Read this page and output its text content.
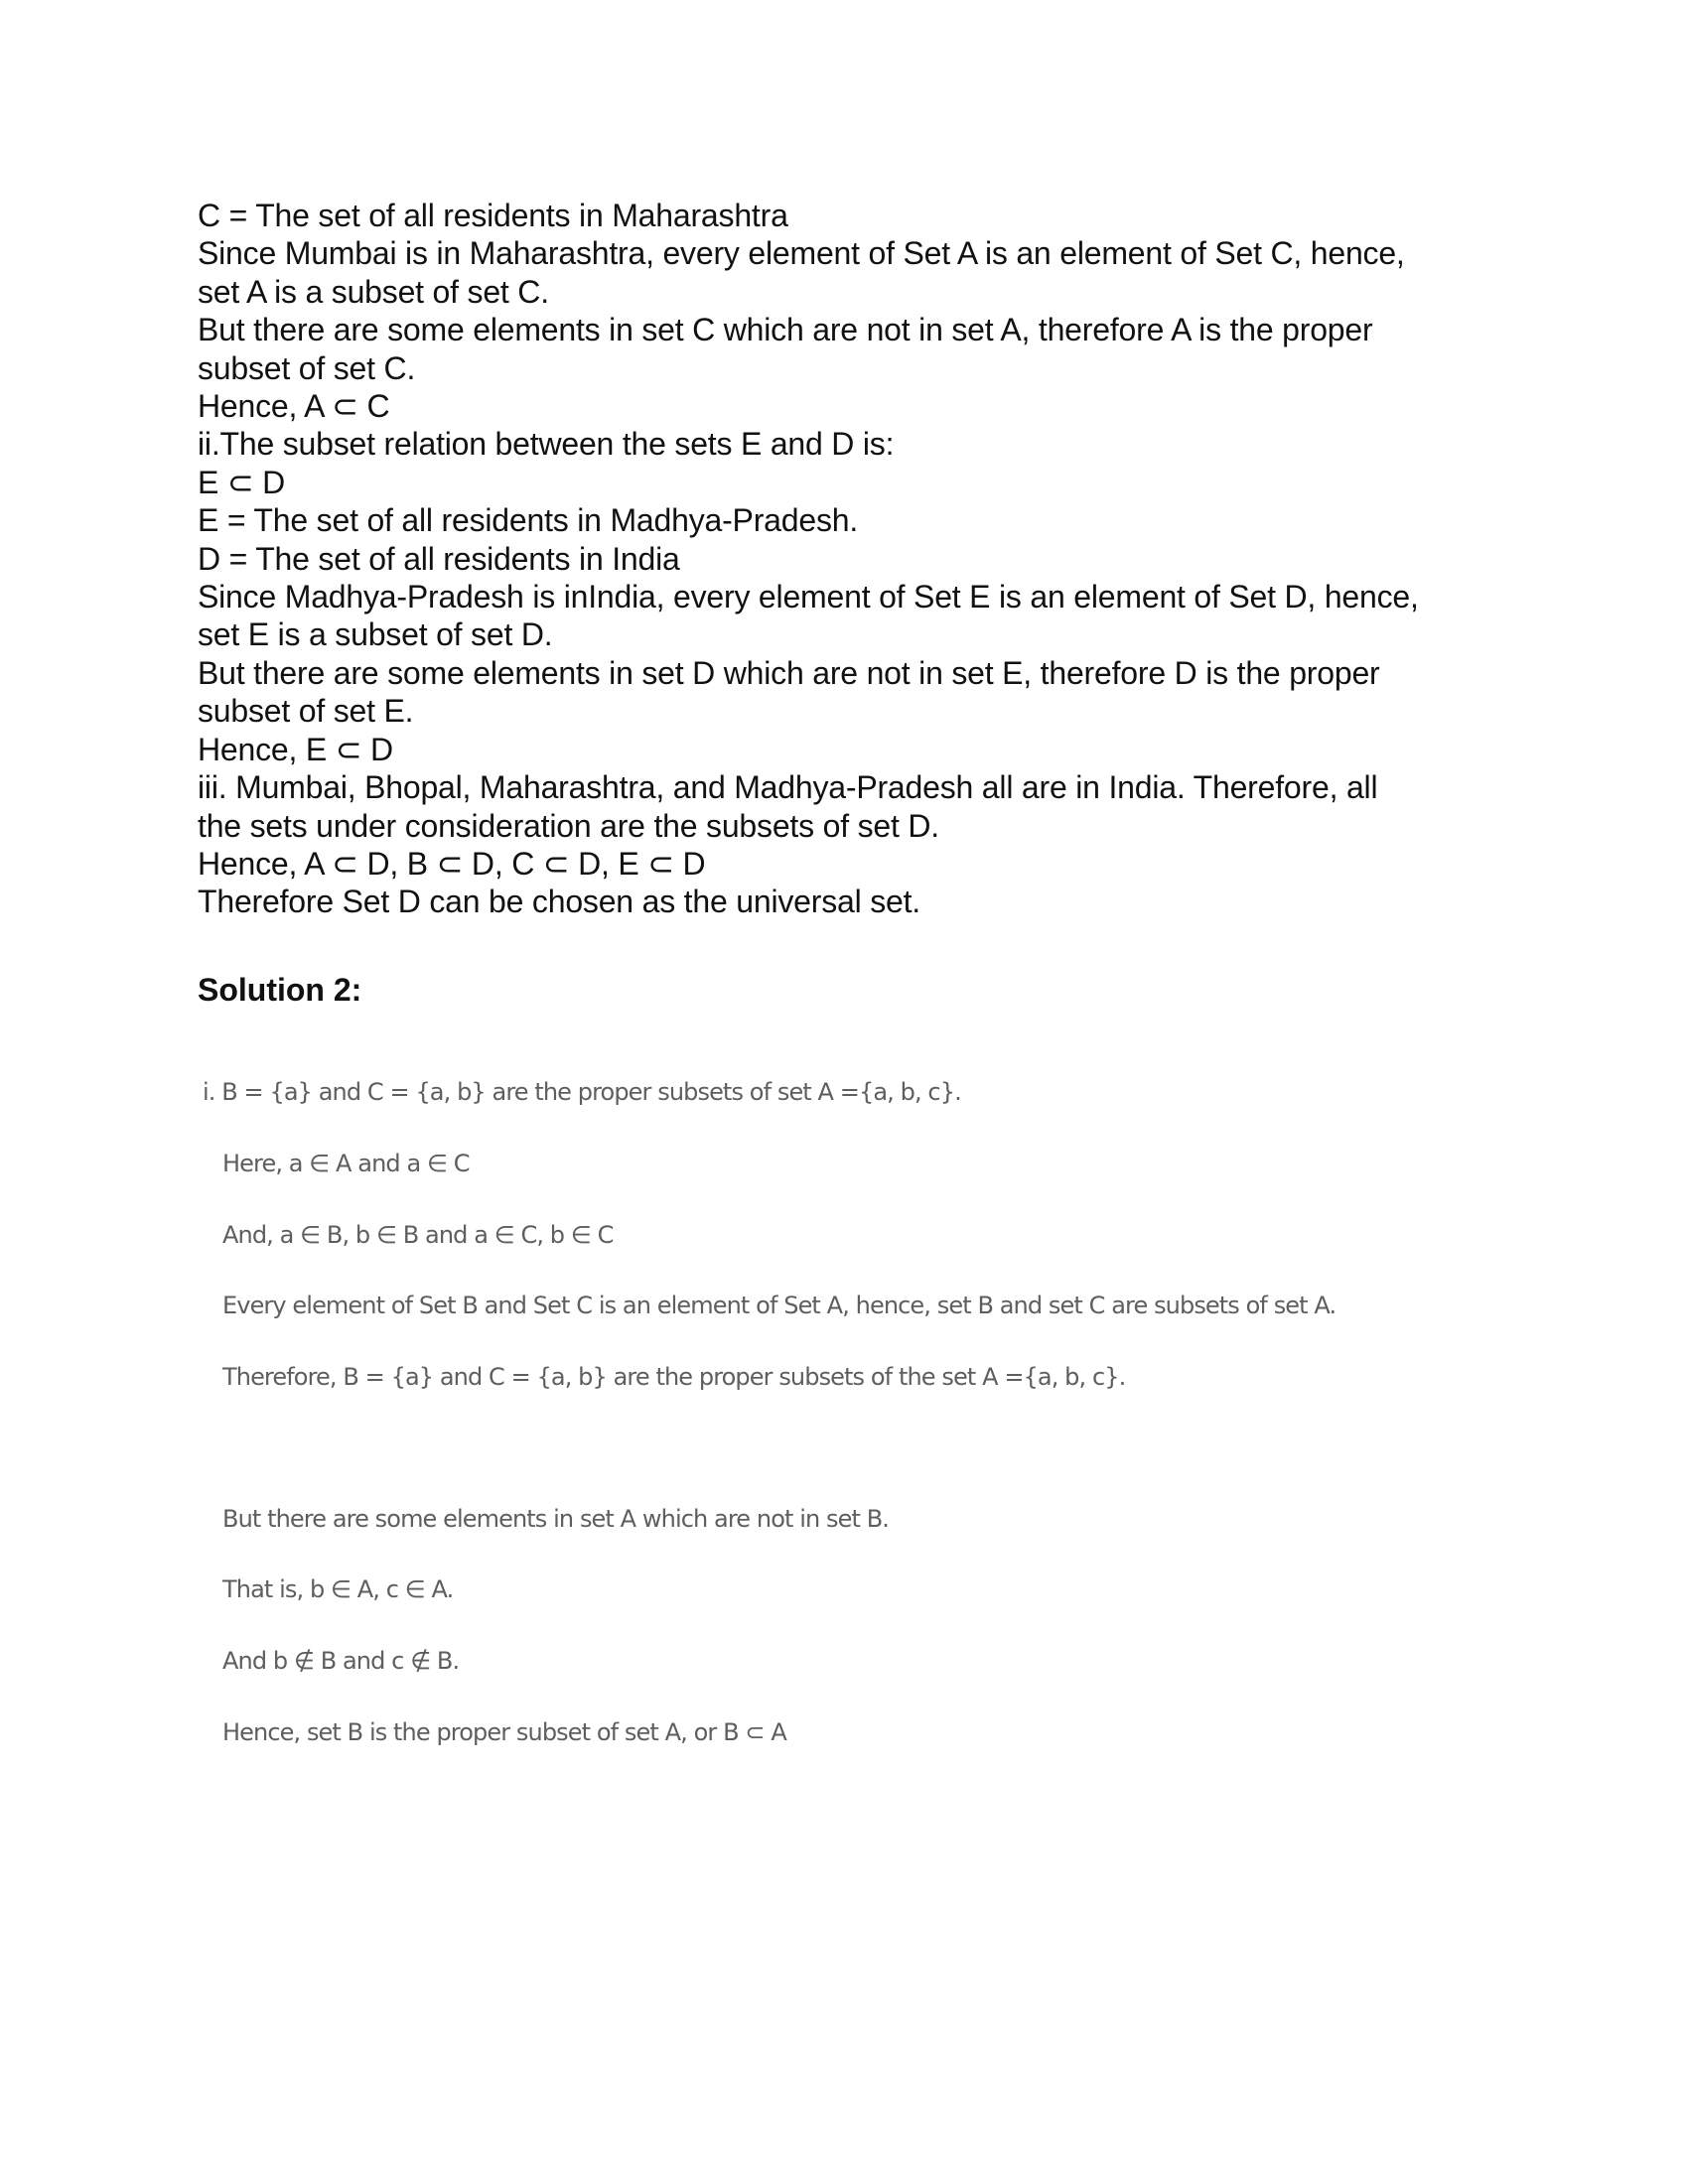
C = The set of all residents in Maharashtra
Since Mumbai is in Maharashtra, every element of Set A is an element of Set C, hence,
set A is a subset of set C.
But there are some elements in set C which are not in set A, therefore A is the proper
subset of set C.
Hence, A ⊂ C
ii.The subset relation between the sets E and D is:
E ⊂ D
E = The set of all residents in Madhya-Pradesh.
D = The set of all residents in India
Since Madhya-Pradesh is inIndia, every element of Set E is an element of Set D, hence,
set E is a subset of set D.
But there are some elements in set D which are not in set E, therefore D is the proper
subset of set E.
Hence, E ⊂ D
iii. Mumbai, Bhopal, Maharashtra, and Madhya-Pradesh all are in India. Therefore, all
the sets under consideration are the subsets of set D.
Hence, A ⊂ D, B ⊂ D, C ⊂ D, E ⊂ D
Therefore Set D can be chosen as the universal set.
Solution 2:
i. B = {a} and C = {a, b} are the proper subsets of set A ={a, b, c}.
Here, a ∈ A and a ∈ C
And, a ∈ B, b ∈ B and a ∈ C, b ∈ C
Every element of Set B and Set C is an element of Set A, hence, set B and set C are subsets of set A.
Therefore, B = {a} and C = {a, b} are the proper subsets of the set A ={a, b, c}.
But there are some elements in set A which are not in set B.
That is, b ∈ A, c ∈ A.
And b ∉ B and c ∉ B.
Hence, set B is the proper subset of set A, or B ⊂ A
